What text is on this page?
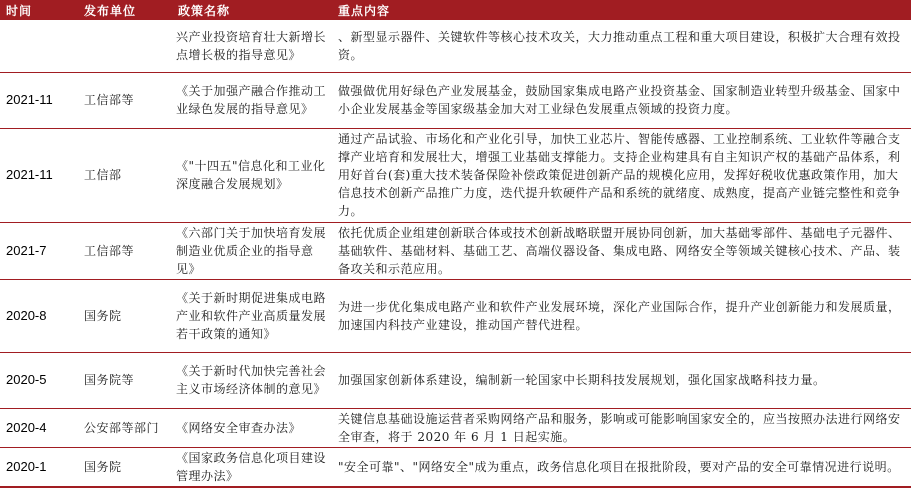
时间	发布单位	政策名称	重点内容
		兴产业投资培育壮大新增长点增长极的指导意见》	、新型显示器件、关键软件等核心技术攻关，大力推动重点工程和重大项目建设，积极扩大合理有效投资。
2021-11	工信部等	《关于加强产融合作推动工业绿色发展的指导意见》	做强做优用好绿色产业发展基金，鼓励国家集成电路产业投资基金、国家制造业转型升级基金、国家中小企业发展基金等国家级基金加大对工业绿色发展重点领域的投资力度。
2021-11	工信部	《"十四五"信息化和工业化深度融合发展规划》	通过产品试验、市场化和产业化引导，加快工业芯片、智能传感器、工业控制系统、工业软件等融合支撑产业培育和发展壮大，增强工业基础支撑能力。支持企业构建具有自主知识产权的基础产品体系，利用好首台(套)重大技术装备保险补偿政策促进创新产品的规模化应用，发挥好税收优惠政策作用，加大信息技术创新产品推广力度，迭代提升软硬件产品和系统的就绪度、成熟度，提高产业链完整性和竞争力。
2021-7	工信部等	《六部门关于加快培育发展制造业优质企业的指导意见》	依托优质企业组建创新联合体或技术创新战略联盟开展协同创新，加大基础零部件、基础电子元器件、基础软件、基础材料、基础工艺、高端仪器设备、集成电路、网络安全等领域关键核心技术、产品、装备攻关和示范应用。
2020-8	国务院	《关于新时期促进集成电路产业和软件产业高质量发展若干政策的通知》	为进一步优化集成电路产业和软件产业发展环境，深化产业国际合作，提升产业创新能力和发展质量，加速国内科技产业建设，推动国产替代进程。
2020-5	国务院等	《关于新时代加快完善社会主义市场经济体制的意见》	加强国家创新体系建设，编制新一轮国家中长期科技发展规划，强化国家战略科技力量。
2020-4	公安部等部门	《网络安全审查办法》	关键信息基础设施运营者采购网络产品和服务，影响或可能影响国家安全的，应当按照办法进行网络安全审查，将于 2020 年 6 月 1 日起实施。
2020-1	国务院	《国家政务信息化项目建设管理办法》	"安全可靠"、"网络安全"成为重点，政务信息化项目在报批阶段，要对产品的安全可靠情况进行说明。
